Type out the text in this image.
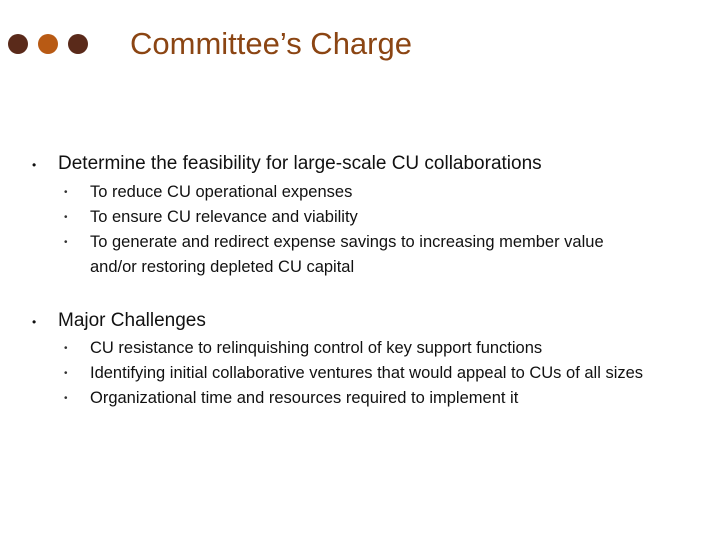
Committee’s Charge
• Determine the feasibility for large-scale CU collaborations
• To reduce CU operational expenses
• To ensure CU relevance and viability
• To generate and redirect expense savings to increasing member value
and/or restoring depleted CU capital
• Major Challenges
• CU resistance to relinquishing control of key support functions
• Identifying initial collaborative ventures that would appeal to CUs of all sizes
• Organizational time and resources required to implement it
